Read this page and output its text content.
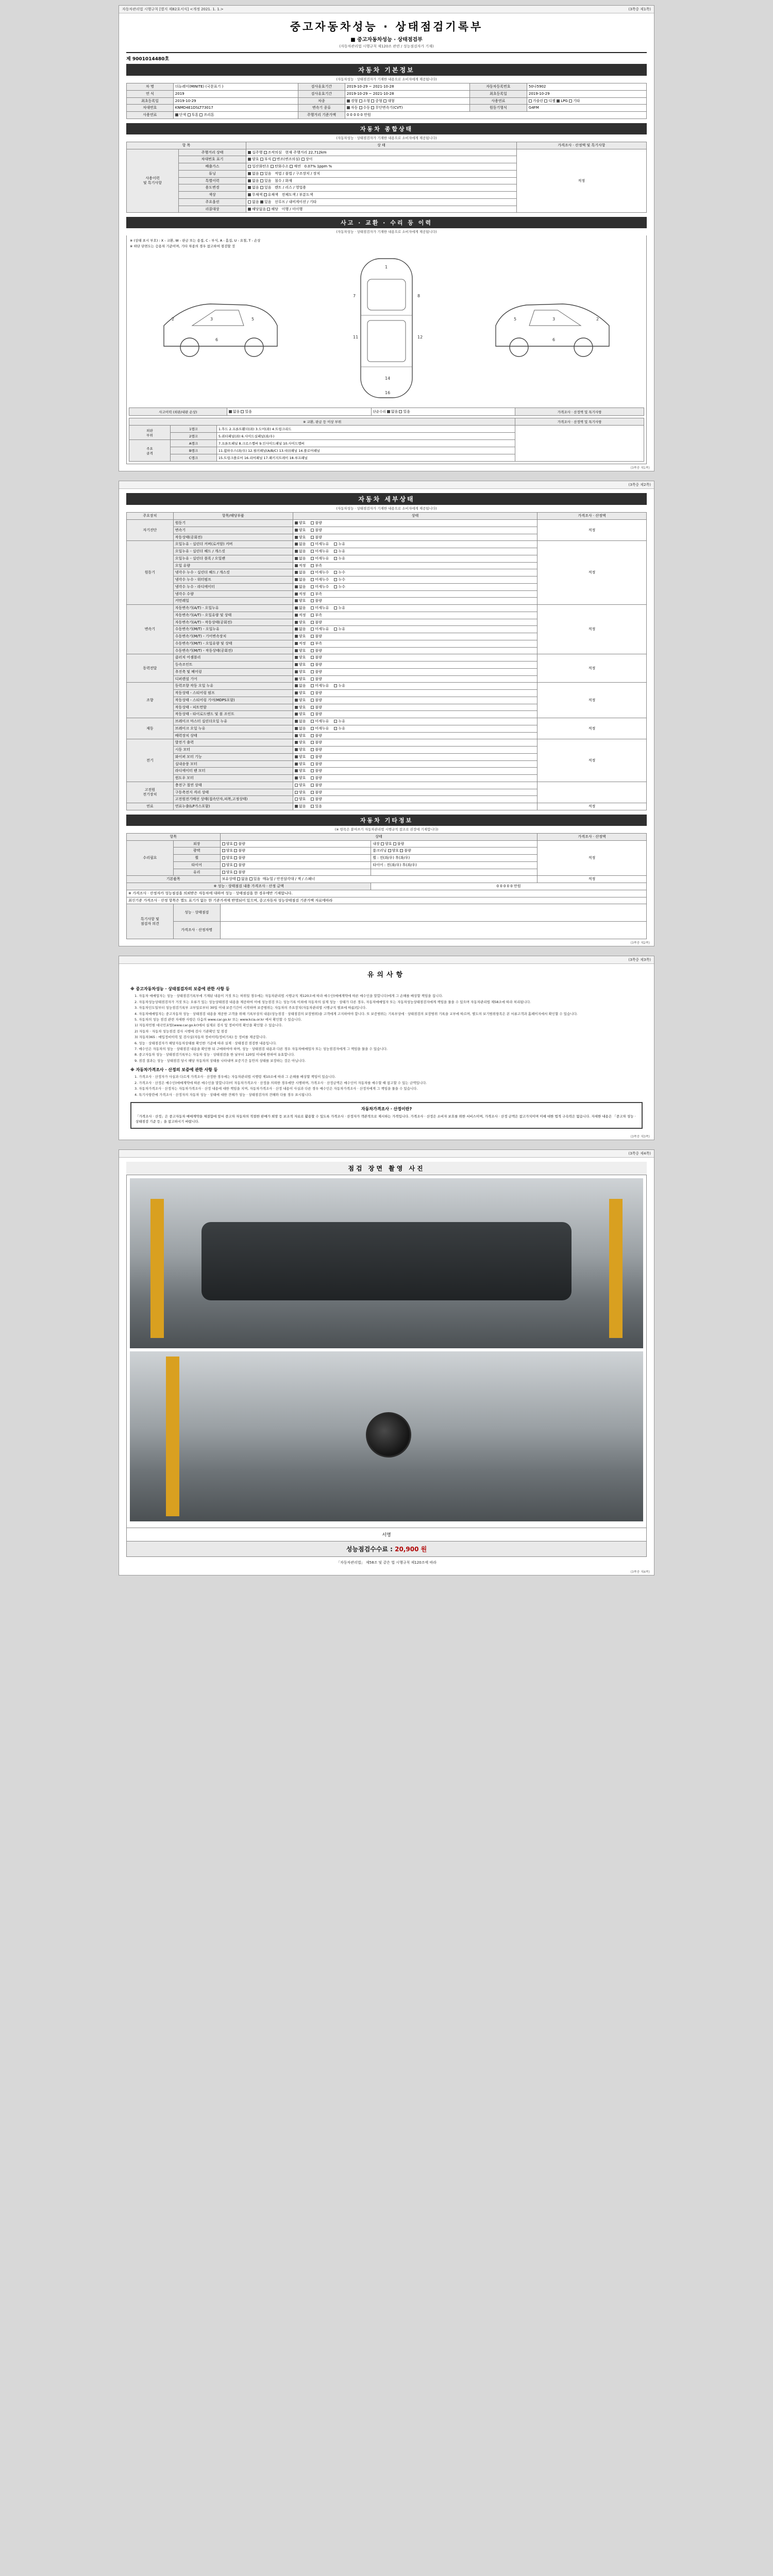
자동차관리법 시행규칙 [별지 제82호서식] <개정 2021. 1. 1.>	(3쪽중 제1쪽)
중고자동차성능 · 상태점검기록부
■ 중고자동차성능 · 상태점검부
(자동차관리법 시행규칙 제120조 관련 / 성능점검자가 기재)
제 9001014480호
자동차 기본정보
(자동차성능 · 상태점검자가 기재한 내용으로 소비자에게 제공됩니다)
차 명	더뉴레이(MINITE) (국문표기 )	검사유효기간	2019-10-29 ~ 2021-10-28	자동차등록번호	50나5902
연 식	2019	검사유효기간	2019-10-29 ~ 2021-10-28	최초등록일	2019-10-29
최초등록일	2019-10-29	차종	경형 소형 중형 대형	사용연료	가솔린 디젤 LPG 기타
차대번호	KNMD4E1DSLT73017	변속기 종류	자동 수동 무단변속기(CVT)	원동기형식	G4FM
사용연료	단색 투톤 쓰리톤	주행거리 기준가액	0 0 0 0 0 만원		
자동차 종합상태
(자동차성능 · 상태점검자가 기재한 내용으로 소비자에게 제공됩니다)
항 목		상 태	가격조사 · 산정액 및 특기사항
사용이력
및 특기사항	주행거리 상태	실주행 조작의심 현재 주행거리 22,712km	적정
	차대번호 표기	양호 부식 변조(변조의심) 상이	
	배출가스	일산화탄소 탄화수소 매연 0.07% 1ppm %	
	튜닝	없음 있음 적법 / 불법 / 구조장치 / 장치	
	특별이력	없음 있음 침수 / 화재	
	용도변경	없음 있음 렌트 / 리스 / 영업용	
	색상	무채색 유채색 전체도색 / 부분도색	
	주요옵션	없음 있음 선루프 / 내비게이션 / 기타	
	리콜대상	해당없음 해당 이행 / 미이행	
사고 · 교환 · 수리 등 이력
(자동차성능 · 상태점검자가 기재한 내용으로 소비자에게 제공됩니다)
※ (상태 표시 부호) : X - 교환, W - 판금 또는 용접, C - 부식, A - 흠집, U - 요철, T - 손상
※ 하단 단면도는 승용차 기준이며, 기타 차종의 경우 참고하여 점검할 것
2	3	5
6
1
7	8
11	12
14
16
5	3	2
6
사고이력 (외판/내판 손상)	없음 있음	단순수리 없음 있음	가격조사 · 산정액 및 특기사항
※ 교환, 판금 등 이상 부위			가격조사 · 산정액 및 특기사항
외판
부위	1랭크	1.후드 2.프론트휀더(좌) 3.도어(좌) 4.트렁크리드	
	2랭크	5.쿼터패널(좌) 6.사이드실패널(좌/우)	
주요
골격	A랭크	7.프론트패널 8.크로스멤버 9.인사이드패널 10.사이드멤버	
	B랭크	11.휠하우스(좌/우) 12.필러패널(A/B/C) 13.대쉬패널 14.플로어패널	
	C랭크	15.트렁크플로어 16.리어패널 17.패키지트레이 18.루프패널	
(3쪽중 제1쪽)
(3쪽중 제2쪽)
자동차 세부상태
(자동차성능 · 상태점검자가 기재한 내용으로 소비자에게 제공됩니다)
주요장치	항목/해당부품	상태	가격조사 · 산정액
자기진단	원동기	양호 불량	적정
	변속기	양호 불량	
	작동상태(공회전)	양호 불량	
원동기	오일누유 - 실린더 커버(로커암) 커버	없음 미세누유 누유	적정
	오일누유 - 실린더 헤드 / 개스킷	없음 미세누유 누유	
	오일누유 - 실린더 블록 / 오일팬	없음 미세누유 누유	
	오일 유량	적정 부족	
	냉각수 누수 - 실린더 헤드 / 개스킷	없음 미세누수 누수	
	냉각수 누수 - 워터펌프	없음 미세누수 누수	
	냉각수 누수 - 라디에이터	없음 미세누수 누수	
	냉각수 수량	적정 부족	
	커먼레일	양호 불량	
변속기	자동변속기(A/T) - 오일누유	없음 미세누유 누유	적정
	자동변속기(A/T) - 오일유량 및 상태	적정 부족	
	자동변속기(A/T) - 작동상태(공회전)	양호 불량	
	수동변속기(M/T) - 오일누유	없음 미세누유 누유	
	수동변속기(M/T) - 기어변속장치	양호 불량	
	수동변속기(M/T) - 오일유량 및 상태	적정 부족	
	수동변속기(M/T) - 작동상태(공회전)	양호 불량	
동력전달	클러치 어셈블리	양호 불량	적정
	등속조인트	양호 불량	
	추진축 및 베어링	양호 불량	
	디퍼렌셜 기어	양호 불량	
조향	동력조향 작동 오일 누유	없음 미세누유 누유	적정
	작동상태 - 스티어링 펌프	양호 불량	
	작동상태 - 스티어링 기어(MDPS포함)	양호 불량	
	작동상태 - 피트먼암	양호 불량	
	작동상태 - 타이로드엔드 및 볼 조인트	양호 불량	
제동	브레이크 마스터 실린더오일 누유	없음 미세누유 누유	적정
	브레이크 오일 누유	없음 미세누유 누유	
	배력장치 상태	양호 불량	
전기	발전기 출력	양호 불량	적정
	시동 모터	양호 불량	
	와이퍼 모터 기능	양호 불량	
	실내송풍 모터	양호 불량	
	라디에이터 팬 모터	양호 불량	
	윈도우 모터	양호 불량	
고전원
전기장치	충전구 절연 상태	양호 불량	
	구동축전지 격리 상태	양호 불량	
	고전원전기배선 상태(접속단자,피복,고정상태)	양호 불량	
연료	연료누출(LP가스포함)	없음 있음	적정
자동차 기타정보
(※ 항목은 붙여쓰기 자동차관리법 시행규칙 참조로 권장에 기재합니다)
항목		상태		가격조사 · 산정액
수리필요	외장	양호 불량	내장 양호 불량	적정
	광택	양호 불량	룸크리닝 양호 불량	
	휠	양호 불량	휠 : 전(좌/우) 후(좌/우)	
	타이어	양호 불량	타이어 : 전(좌/우) 후(좌/우)	
	유리	양호 불량		
기본품목		보유상태 없음 있음 매뉴얼 / 안전삼각대 / 잭 / 스패너		적정
※ 성능 · 상태점검 내용 가격조사 · 산정 금액			0 0 0 0 0 만원	
※ 가격조사 · 산정자카 성능점검을 의뢰받은 자동차에 대하여 성능 · 상태점검을 한 경우에만 기재합니다.				
최신기준 가격조사 · 산정 항목은 별도 표기가 없는 한 기준가격에 반영되어 있으며, 중고자동차 성능상태점검 기준가액 자료에따라				
특기사항 및
점검자 의견	성능 · 상태점검			
	가격조사 · 산정자명			
(3쪽중 제2쪽)
(3쪽중 제3쪽)
유의사항
※ 중고자동차성능 · 상태점검자의 보증에 관한 사항 등
1. 자동차 매매업자는 성능 · 상태점검기록부에 기재된 내용이 거짓 또는 허위일 경우에는 자동차관리법 시행규칙 제120조에 따라 매수인(매매계약에 따른 매수인을 말합니다)에게 그 손해를 배상할 책임을 집니다.
2. 자동차성능상태점검자가 거짓 또는 오류가 있는 성능상태점검 내용을 제공하여 이에 성능점검 또는 성능기록 이외에 자동차의 실제 성능 · 상태가 다른 경우, 자동차매매업자 또는 자동차성능상태점검자에게 책임을 물을 수 있으며 자동차관리법 제58조에 따라 처리됩니다.
3. 자동차인도일부터 성능점검기록부 교부일로부터 30일 이내 보증기간이 시작하며 보증범위는 자동차의 주요장치(자동차관리법 시행규칙 별표에 따름)입니다.
4. 자동차매매업자는 중고자동차 성능 · 상태점검 내용을 제공한 고객을 위해 기록부상의 내용(성능점검 · 상태점검의 보장범위)을 고객에게 고지하여야 합니다. 또 보증범위는 기록부상에 · 상태점검의 보장범위 기록을 교부에 따르며, 별도의 보기범위항목은 본 서류고객과 홈페이지에서 확인할 수 있습니다.
5. 자동차의 성능 점검 관련 자세한 사항은 다음의 www.car.go.kr 또는 www.kcia.or.kr 에서 확인할 수 있습니다.
1) 자동차민원 대국민포털(www.car.go.kr)에서 실제로 검사 및 정비이력 확인을 확인할 수 있습니다.
2) 자동차 · 자동차 성능점검 검사 시행에 검사 기관확인 및 점검
3) 자동차365 : 매입정비이력 및 검사실(자동차 정비이력/정비기록) 등 정비를 제공합니다.
6. 성능 · 상태점검자가 해당자동차상태를 확인한 기준에 따라 실제 · 상태점검 점검한 내용입니다.
7. 매수인은 자동차의 성능 · 상태점검 내용을 확인한 뒤 구매하여야 하며, 성능 · 상태점검 내용과 다른 경우 자동차매매업자 또는 성능점검자에게 그 책임을 물을 수 있습니다.
8. 중고자동차 성능 · 상태점검기록부는 자동차 성능 · 상태점검을 한 날부터 120일 이내에 한하여 유효합니다.
9. 점검 결과는 성능 · 상태점검 당시 해당 자동차의 상태를 나타내며 보증기간 동안의 상태를 보장하는 것은 아닙니다.
※ 자동차가격조사 · 산정의 보증에 관한 사항 등
1. 가격조사 · 산정자가 사실과 다르게 가격조사 · 산정한 경우에는 자동차관리법 시행령 제10조에 따라 그 손해를 배상할 책임이 있습니다.
2. 가격조사 · 산정은 매수인(매매계약에 따른 매수인을 말합니다)이 자동차가격조사 · 산정을 의뢰한 경우에만 시행하며, 가격조사 · 산정금액은 매수인이 자동차를 매수할 때 참고할 수 있는 금액입니다.
3. 자동차가격조사 · 산정자는 자동차가격조사 · 산정 내용에 대한 책임을 지며, 자동차가격조사 · 산정 내용이 사실과 다른 경우 매수인은 자동차가격조사 · 산정자에게 그 책임을 물을 수 있습니다.
4. 특기사항란에 가격조사 · 산정자의 자동차 성능 · 상태에 대한 견해가 성능 · 상태점검자의 견해와 다를 경우 표시됩니다.
자동차가격조사 · 산정이란?
「가격조사 · 산정」은 중고자동차 매매계약을 체결함에 앞서 중고차 자동차의 적절한 판매가 희망 등 보조적 자료로 활용할 수 있도록 가격조사 · 산정자가 객관적으로 제시하는 가격입니다. 가격조사 · 산정은 소비자 보호를 위한 서비스이며, 가격조사 · 산정 금액은 참고가치이며 이에 대한 법적 구속력은 없습니다. 자세한 내용은 「중고차 성능 · 상태점검 기준 등」을 참고하시기 바랍니다.
(3쪽중 제3쪽)
(3쪽중 제4쪽)
점검 장면 촬영 사진
서명
성능점검수수료 : 20,900 원
「자동차관리법」 제58조 및 같은 법 시행규칙 제120조에 따라
(3쪽중 제4쪽)
